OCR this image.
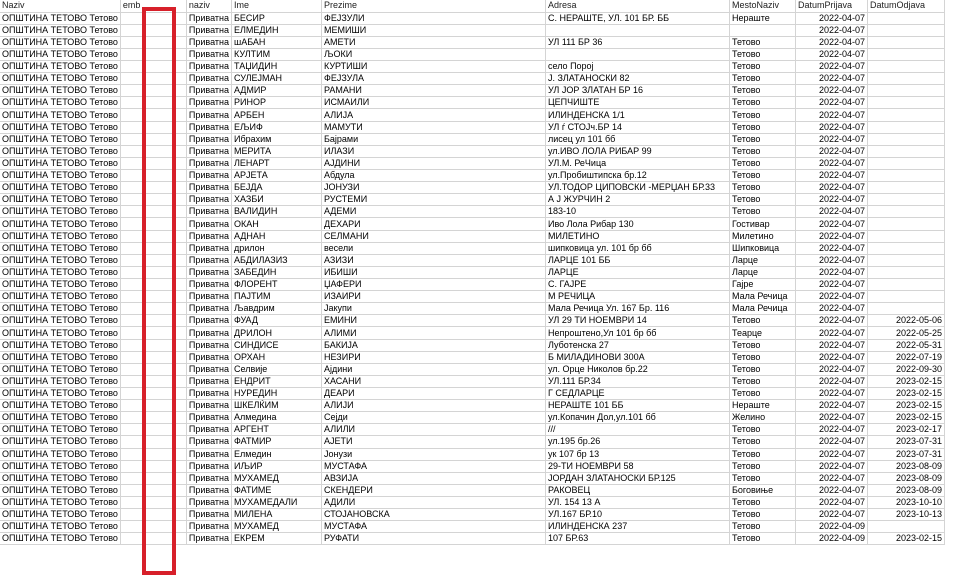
Naziv	emb	naziv	Ime	Prezime	Adresa	MestoNaziv	DatumPrijava	DatumOdjava
ОПШТИНА ТЕТОВО Тетово		Приватна	БЕСИР	ФЕЈЗУЛИ	С. НЕРАШТЕ, УЛ. 101 БР. ББ	Нераште	2022-04-07	
ОПШТИНА ТЕТОВО Тетово		Приватна	ЕЛМЕДИН	МЕМИШИ			2022-04-07	
ОПШТИНА ТЕТОВО Тетово		Приватна	шАБАН	АМЕТИ	УЛ 111 БР 36	Тетово	2022-04-07	
ОПШТИНА ТЕТОВО Тетово		Приватна	КУЛТИМ	ЉОКИ		Тетово	2022-04-07	
ОПШТИНА ТЕТОВО Тетово		Приватна	ТАЏИДИН	КУРТИШИ	село Порој	Тетово	2022-04-07	
ОПШТИНА ТЕТОВО Тетово		Приватна	СУЛЕЈМАН	ФЕЈЗУЛА	Ј. ЗЛАТАНОСКИ 82	Тетово	2022-04-07	
ОПШТИНА ТЕТОВО Тетово		Приватна	АДМИР	РАМАНИ	УЛ ЈОР ЗЛАТАН БР 16	Тетово	2022-04-07	
ОПШТИНА ТЕТОВО Тетово		Приватна	РИНОР	ИСМАИЛИ	ЦЕПЧИШТЕ	Тетово	2022-04-07	
ОПШТИНА ТЕТОВО Тетово		Приватна	АРБЕН	АЛИЈА	ИЛИНДЕНСКА 1/1	Тетово	2022-04-07	
ОПШТИНА ТЕТОВО Тетово		Приватна	ЕЉИФ	МАМУТИ	УЛ ѓ СТОЈч.БР 14	Тетово	2022-04-07	
ОПШТИНА ТЕТОВО Тетово		Приватна	Ибрахим	Бајрами	лисец ул 101 бб	Тетово	2022-04-07	
ОПШТИНА ТЕТОВО Тетово		Приватна	МЕРИТА	ИЛАЗИ	ул.ИВО ЛОЛА РИБАР 99	Тетово	2022-04-07	
ОПШТИНА ТЕТОВО Тетово		Приватна	ЛЕНАРТ	АЈДИНИ	УЛ.М. РеЧица	Тетово	2022-04-07	
ОПШТИНА ТЕТОВО Тетово		Приватна	АРЈЕТА	Абдула	ул.Пробиштипска бр.12	Тетово	2022-04-07	
ОПШТИНА ТЕТОВО Тетово		Приватна	БЕЈДА	ЈОНУЗИ	УЛ.ТОДОР ЦИПОВСКИ -МЕРЏАН БР.33	Тетово	2022-04-07	
ОПШТИНА ТЕТОВО Тетово		Приватна	ХАЗБИ	РУСТЕМИ	А Ј ЖУРЧИН 2	Тетово	2022-04-07	
ОПШТИНА ТЕТОВО Тетово		Приватна	ВАЛИДИН	АДЕМИ	183-10	Тетово	2022-04-07	
ОПШТИНА ТЕТОВО Тетово		Приватна	ОКАН	ДЕХАРИ	Иво Лола Рибар 130	Гостивар	2022-04-07	
ОПШТИНА ТЕТОВО Тетово		Приватна	АДНАН	СЕЛМАНИ	МИЛЕТИНО	Милетино	2022-04-07	
ОПШТИНА ТЕТОВО Тетово		Приватна	дрилон	весели	шипковица ул. 101 бр бб	Шипковица	2022-04-07	
ОПШТИНА ТЕТОВО Тетово		Приватна	АБДИЛАЗИЗ	АЗИЗИ	ЛАРЦЕ 101 ББ	Ларце	2022-04-07	
ОПШТИНА ТЕТОВО Тетово		Приватна	ЗАБЕДИН	ИБИШИ	ЛАРЦЕ	Ларце	2022-04-07	
ОПШТИНА ТЕТОВО Тетово		Приватна	ФЛОРЕНТ	ЏАФЕРИ	С. ГАЈРЕ	Гајре	2022-04-07	
ОПШТИНА ТЕТОВО Тетово		Приватна	ПАЈТИМ	ИЗАИРИ	М РЕЧИЦА	Мала Речица	2022-04-07	
ОПШТИНА ТЕТОВО Тетово		Приватна	Љавдрим	Јакупи	Мала Речица Ул. 167 Бр. 116	Мала Речица	2022-04-07	
ОПШТИНА ТЕТОВО Тетово		Приватна	ФУАД	ЕМИНИ	УЛ 29 ТИ НОЕМВРИ 14	Тетово	2022-04-07	2022-05-06
ОПШТИНА ТЕТОВО Тетово		Приватна	ДРИЛОН	АЛИМИ	Непроштено,Ул 101 бр бб	Теарце	2022-04-07	2022-05-25
ОПШТИНА ТЕТОВО Тетово		Приватна	СИНДИСЕ	БАКИЈА	Лубoтенска 27	Тетово	2022-04-07	2022-05-31
ОПШТИНА ТЕТОВО Тетово		Приватна	ОРХАН	НЕЗИРИ	Б МИЛАДИНОВИ 300А	Тетово	2022-04-07	2022-07-19
ОПШТИНА ТЕТОВО Тетово		Приватна	Селвије	Ајдини	ул. Орце Николов бр.22	Тетово	2022-04-07	2022-09-30
ОПШТИНА ТЕТОВО Тетово		Приватна	ЕНДРИТ	ХАСАНИ	УЛ.111 БР.34	Тетово	2022-04-07	2023-02-15
ОПШТИНА ТЕТОВО Тетово		Приватна	НУРЕДИН	ДЕАРИ	Г СЕДЛАРЦЕ	Тетово	2022-04-07	2023-02-15
ОПШТИНА ТЕТОВО Тетово		Приватна	ШКЕЛЌИМ	АЛИЈИ	НЕРАШТЕ 101 ББ	Нераште	2022-04-07	2023-02-15
ОПШТИНА ТЕТОВО Тетово		Приватна	Алмедина	Сејди	ул.Копачин Дол,ул.101 бб	Желино	2022-04-07	2023-02-15
ОПШТИНА ТЕТОВО Тетово		Приватна	АРГЕНТ	АЛИЛИ	///	Тетово	2022-04-07	2023-02-17
ОПШТИНА ТЕТОВО Тетово		Приватна	ФАТМИР	АЈЕТИ	ул.195 бр.26	Тетово	2022-04-07	2023-07-31
ОПШТИНА ТЕТОВО Тетово		Приватна	Елмедин	Јонузи	ук 107 бр 13	Тетово	2022-04-07	2023-07-31
ОПШТИНА ТЕТОВО Тетово		Приватна	ИЉИР	МУСТАФА	29-ТИ НОЕМВРИ 58	Тетово	2022-04-07	2023-08-09
ОПШТИНА ТЕТОВО Тетово		Приватна	МУХАМЕД	АВЗИЈА	ЈОРДАН ЗЛАТАНОСКИ БР.125	Тетово	2022-04-07	2023-08-09
ОПШТИНА ТЕТОВО Тетово		Приватна	ФАТИМЕ	СКЕНДЕРИ	РАКОВЕЦ	Боговиње	2022-04-07	2023-08-09
ОПШТИНА ТЕТОВО Тетово		Приватна	МУХАМЕДАЛИ	АДИЛИ	УЛ. 154 13 А	Тетово	2022-04-07	2023-10-10
ОПШТИНА ТЕТОВО Тетово		Приватна	МИЛЕНА	СТОЈАНОВСКА	УЛ.167 БР.10	Тетово	2022-04-07	2023-10-13
ОПШТИНА ТЕТОВО Тетово		Приватна	МУХАМЕД	МУСТАФА	ИЛИНДЕНСКА 237	Тетово	2022-04-09	
ОПШТИНА ТЕТОВО Тетово		Приватна	ЕКРЕМ	РУФАТИ	107 БР.63	Тетово	2022-04-09	2023-02-15
